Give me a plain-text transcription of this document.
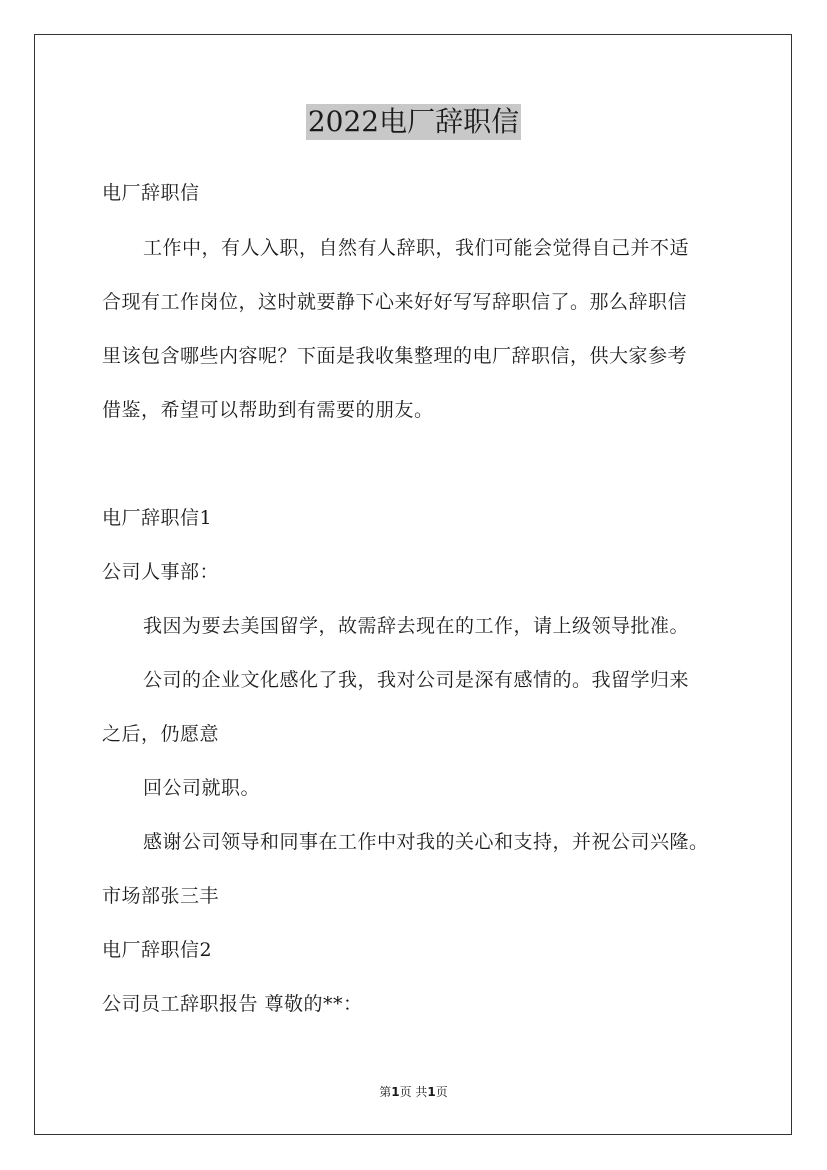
2022电厂辞职信
电厂辞职信
工作中，有人入职，自然有人辞职，我们可能会觉得自己并不适
合现有工作岗位，这时就要静下心来好好写写辞职信了。那么辞职信
里该包含哪些内容呢？下面是我收集整理的电厂辞职信，供大家参考
借鉴，希望可以帮助到有需要的朋友。
电厂辞职信1
公司人事部：
我因为要去美国留学，故需辞去现在的工作，请上级领导批准。
公司的企业文化感化了我，我对公司是深有感情的。我留学归来
之后，仍愿意
回公司就职。
感谢公司领导和同事在工作中对我的关心和支持，并祝公司兴隆。
市场部张三丰
电厂辞职信2
公司员工辞职报告 尊敬的**：
第1页 共1页
